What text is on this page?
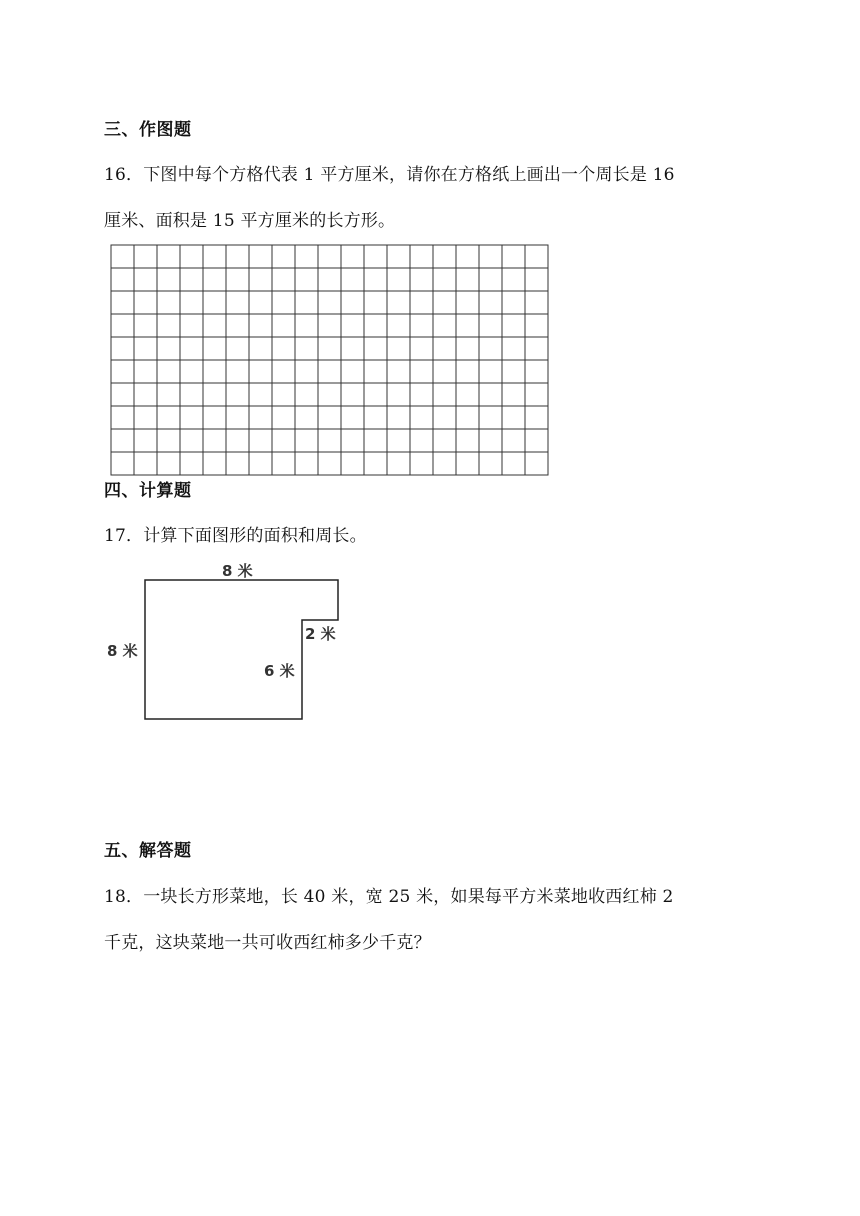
三、作图题
16．下图中每个方格代表 1 平方厘米，请你在方格纸上画出一个周长是 16
厘米、面积是 15 平方厘米的长方形。
四、计算题
17．计算下面图形的面积和周长。
8 米
8 米
2 米
6 米
五、解答题
18．一块长方形菜地，长 40 米，宽 25 米，如果每平方米菜地收西红柿 2
千克，这块菜地一共可收西红柿多少千克？
